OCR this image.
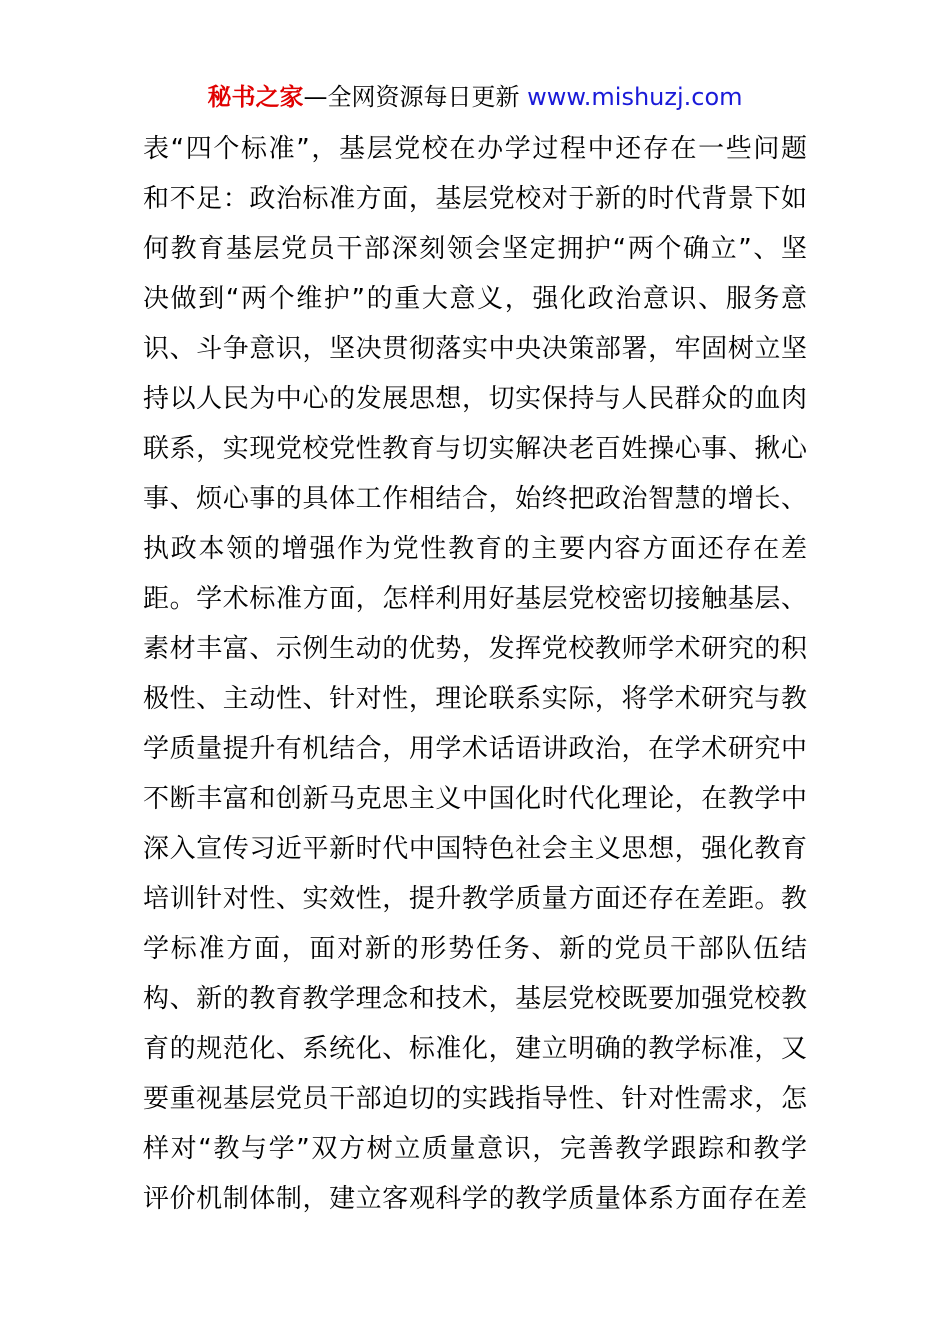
秘书之家—全网资源每日更新 www.mishuzj.com
表“四个标准”，基层党校在办学过程中还存在一些问题
和不足：政治标准方面，基层党校对于新的时代背景下如
何教育基层党员干部深刻领会坚定拥护“两个确立”、坚
决做到“两个维护”的重大意义，强化政治意识、服务意
识、斗争意识，坚决贯彻落实中央决策部署，牢固树立坚
持以人民为中心的发展思想，切实保持与人民群众的血肉
联系，实现党校党性教育与切实解决老百姓操心事、揪心
事、烦心事的具体工作相结合，始终把政治智慧的增长、
执政本领的增强作为党性教育的主要内容方面还存在差
距。学术标准方面，怎样利用好基层党校密切接触基层、
素材丰富、示例生动的优势，发挥党校教师学术研究的积
极性、主动性、针对性，理论联系实际，将学术研究与教
学质量提升有机结合，用学术话语讲政治，在学术研究中
不断丰富和创新马克思主义中国化时代化理论，在教学中
深入宣传习近平新时代中国特色社会主义思想，强化教育
培训针对性、实效性，提升教学质量方面还存在差距。教
学标准方面，面对新的形势任务、新的党员干部队伍结
构、新的教育教学理念和技术，基层党校既要加强党校教
育的规范化、系统化、标准化，建立明确的教学标准，又
要重视基层党员干部迫切的实践指导性、针对性需求，怎
样对“教与学”双方树立质量意识，完善教学跟踪和教学
评价机制体制，建立客观科学的教学质量体系方面存在差
